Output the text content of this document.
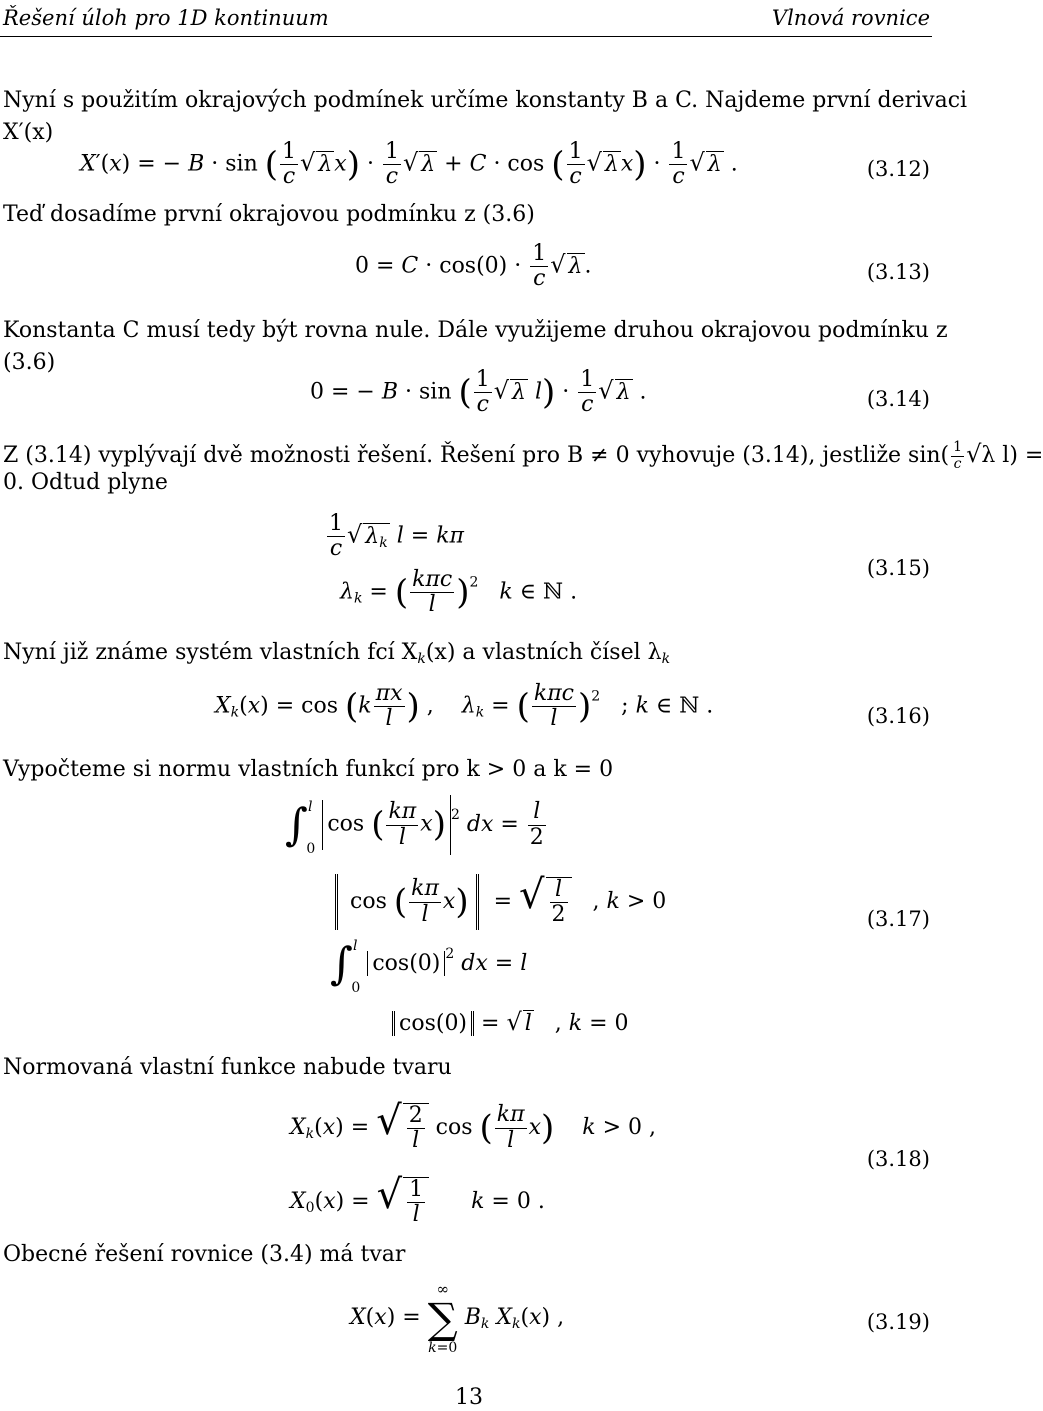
Řešení úloh pro 1D kontinuum	Vlnová rovnice
Nyní s použitím okrajových podmínek určíme konstanty B a C. Najdeme první derivaci
X′(x)
X′(x) = − B · sin ( $\frac{1}{c}$ √ $\lambda x) \cdot \frac{1}{c}$ √ λ + C · cos ( $\frac{1}{c}$ √ $\lambda x) \cdot \frac{1}{c}$ √ λ .	(3.12)
Teď dosadíme první okrajovou podmínku z (3.6)
$0 = C \cdot \cos(0) \cdot \frac{1}{c}$ √ λ.	(3.13)
Konstanta C musí tedy být rovna nule. Dále využijeme druhou okrajovou podmínku z
(3.6)
0 = − B · sin ( $\frac{1}{c}$ √ λ $l) \cdot \frac{1}{c}$ √ λ .	(3.14)
Z (3.14) vyplývají dvě možnosti řešení. Řešení pro B ≠ 0 vyhovuje (3.14), jestliže $\sin( \frac{1}{c} √\lambda$ l) =
0. Odtud plyne
$\frac{1}{c}$ √ $\lambda_k$ l = kπ
$\lambda_k$ = ( $\frac{\text{kπc}}{l} )^2$ k ∈ ℕ .
(3.15)
Nyní již známe systém vlastních fcí $X_k(x)$ a vlastních čísel $\lambda_k$
$X_k(x) = \cos (k \frac{\pi x}{l}$ ) ,    $\lambda_k$ = ( $\frac{\text{kπc}}{l} )^2$   ; k ∈ ℕ .	(3.16)
Vypočteme si normu vlastních funkcí pro k > 0 a k = 0
∫$^l_0$ cos ( $\frac{k\pi}{l} x$) $^2$ dx = $\frac{l}{2}$
cos ( $\frac{k\pi}{l} x$)  = √ $\frac{l}{2}$ , k > 0
∫$^l_0$ cos(0) $^2$ dx = l
cos(0) = √ l   , k = 0
(3.17)
Normovaná vlastní funkce nabude tvaru
$X_k(x)$ = √ $\frac{2}{l}$ cos ( $\frac{k\pi}{l} x$) k > 0 ,
$X_0(x)$ = √ $\frac{1}{l}$ k = 0 .
(3.18)
Obecné řešení rovnice (3.4) má tvar
X(x) =
∞
∑
k=0
$B_k$ $X_k(x)$ ,	(3.19)
13
